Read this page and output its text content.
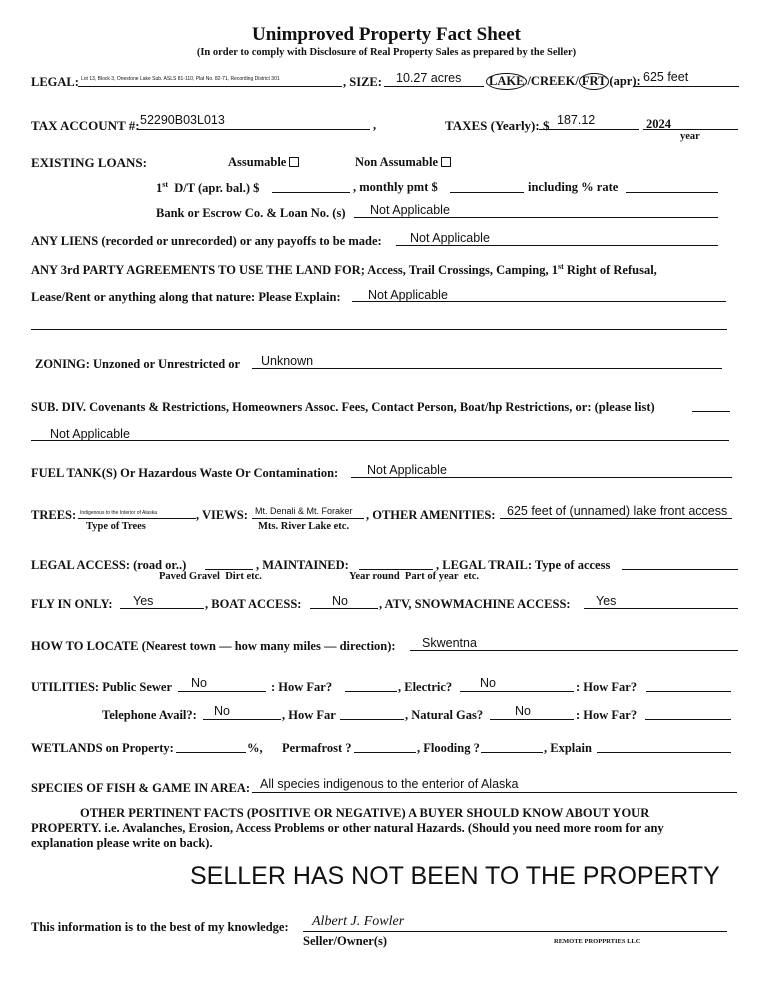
Unimproved Property Fact Sheet
(In order to comply with Disclosure of Real Property Sales as prepared by the Seller)
LEGAL: Lot 13, Block 3, Onestone Lake Sub. ASLS 81-110, Plat No. 82-71, Recording District 301	, SIZE: 10.27 acres LAKE /CREEK/ FRT (apr): 625 feet
TAX ACCOUNT #: 52290B03L013	,	TAXES (Yearly): $ 187.12	2024
year
EXISTING LOANS:	Assumable	Non Assumable
1st D/T (apr. bal.) $	, monthly pmt $	including % rate
Bank or Escrow Co. & Loan No. (s) Not Applicable
ANY LIENS (recorded or unrecorded) or any payoffs to be made: Not Applicable
ANY 3rd PARTY AGREEMENTS TO USE THE LAND FOR; Access, Trail Crossings, Camping, 1st Right of Refusal,
Lease/Rent or anything along that nature: Please Explain: Not Applicable
ZONING: Unzoned or Unrestricted or Unknown
SUB. DIV. Covenants & Restrictions, Homeowners Assoc. Fees, Contact Person, Boat/hp Restrictions, or: (please list)
Not Applicable
FUEL TANK(S) Or Hazardous Waste Or Contamination: Not Applicable
TREES: Indigenous to the Interior of Alaska
Type of Trees
, VIEWS: Mt. Denali & Mt. Foraker
Mts. River Lake etc.
, OTHER AMENITIES: 625 feet of (unnamed) lake front access
LEGAL ACCESS: (road or..)	, MAINTAINED:	, LEGAL TRAIL: Type of access
Paved Gravel  Dirt etc.	Year round  Part of year  etc.
FLY IN ONLY: Yes	, BOAT ACCESS: No , ATV, SNOWMACHINE ACCESS: Yes
HOW TO LOCATE (Nearest town — how many miles — direction): Skwentna
UTILITIES: Public Sewer No	: How Far?	, Electric? No	: How Far?
Telephone Avail?: No	, How Far	, Natural Gas?	No	: How Far?
WETLANDS on Property:	%, Permafrost ?	, Flooding ?	, Explain
SPECIES OF FISH & GAME IN AREA: All species indigenous to the enterior of Alaska
OTHER PERTINENT FACTS (POSITIVE OR NEGATIVE) A BUYER SHOULD KNOW ABOUT YOUR
PROPERTY. i.e. Avalanches, Erosion, Access Problems or other natural Hazards. (Should you need more room for any
explanation please write on back).
SELLER HAS NOT BEEN TO THE PROPERTY
This information is to the best of my knowledge: Albert J. Fowler
Seller/Owner(s)	REMOTE PROPPRTIES LLC
